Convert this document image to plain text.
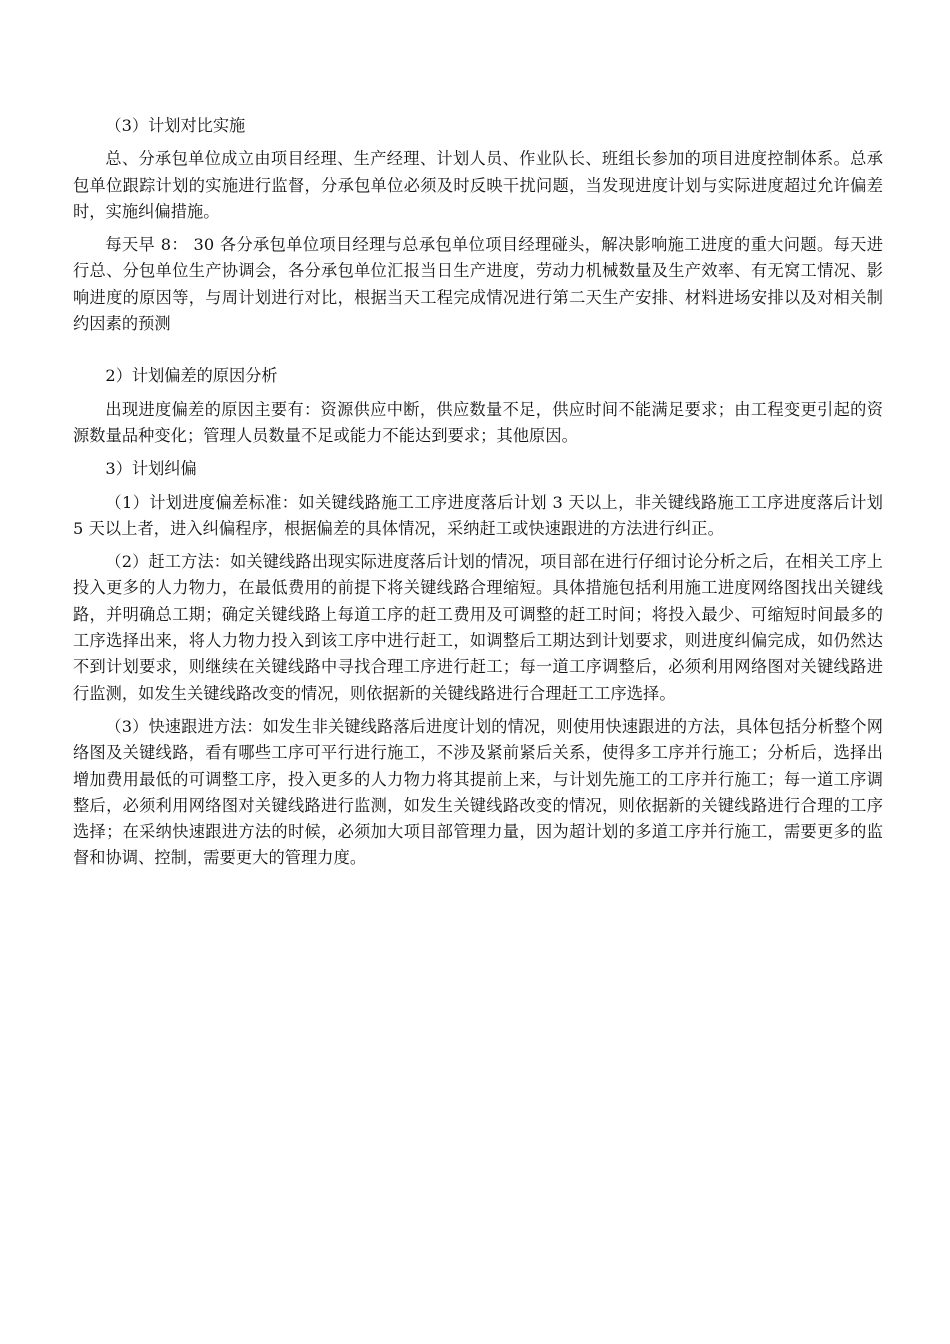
（3）计划对比实施

总、分承包单位成立由项目经理、生产经理、计划人员、作业队长、班组长参加的项目进度控制体系。总承包单位跟踪计划的实施进行监督，分承包单位必须及时反映干扰问题，当发现进度计划与实际进度超过允许偏差时，实施纠偏措施。

每天早 8： 30 各分承包单位项目经理与总承包单位项目经理碰头，解决影响施工进度的重大问题。每天进行总、分包单位生产协调会，各分承包单位汇报当日生产进度，劳动力机械数量及生产效率、有无窝工情况、影响进度的原因等，与周计划进行对比，根据当天工程完成情况进行第二天生产安排、材料进场安排以及对相关制约因素的预测

2）计划偏差的原因分析

出现进度偏差的原因主要有：资源供应中断，供应数量不足，供应时间不能满足要求；由工程变更引起的资源数量品种变化；管理人员数量不足或能力不能达到要求；其他原因。

3）计划纠偏

（1）计划进度偏差标准：如关键线路施工工序进度落后计划 3 天以上，非关键线路施工工序进度落后计划 5 天以上者，进入纠偏程序，根据偏差的具体情况，采纳赶工或快速跟进的方法进行纠正。

（2）赶工方法：如关键线路出现实际进度落后计划的情况，项目部在进行仔细讨论分析之后，在相关工序上投入更多的人力物力，在最低费用的前提下将关键线路合理缩短。具体措施包括利用施工进度网络图找出关键线路，并明确总工期；确定关键线路上每道工序的赶工费用及可调整的赶工时间；将投入最少、可缩短时间最多的工序选择出来，将人力物力投入到该工序中进行赶工，如调整后工期达到计划要求，则进度纠偏完成，如仍然达不到计划要求，则继续在关键线路中寻找合理工序进行赶工；每一道工序调整后，必须利用网络图对关键线路进行监测，如发生关键线路改变的情况，则依据新的关键线路进行合理赶工工序选择。

（3）快速跟进方法：如发生非关键线路落后进度计划的情况，则使用快速跟进的方法，具体包括分析整个网络图及关键线路，看有哪些工序可平行进行施工，不涉及紧前紧后关系，使得多工序并行施工；分析后，选择出增加费用最低的可调整工序，投入更多的人力物力将其提前上来，与计划先施工的工序并行施工；每一道工序调整后，必须利用网络图对关键线路进行监测，如发生关键线路改变的情况，则依据新的关键线路进行合理的工序选择；在采纳快速跟进方法的时候，必须加大项目部管理力量，因为超计划的多道工序并行施工，需要更多的监督和协调、控制，需要更大的管理力度。
